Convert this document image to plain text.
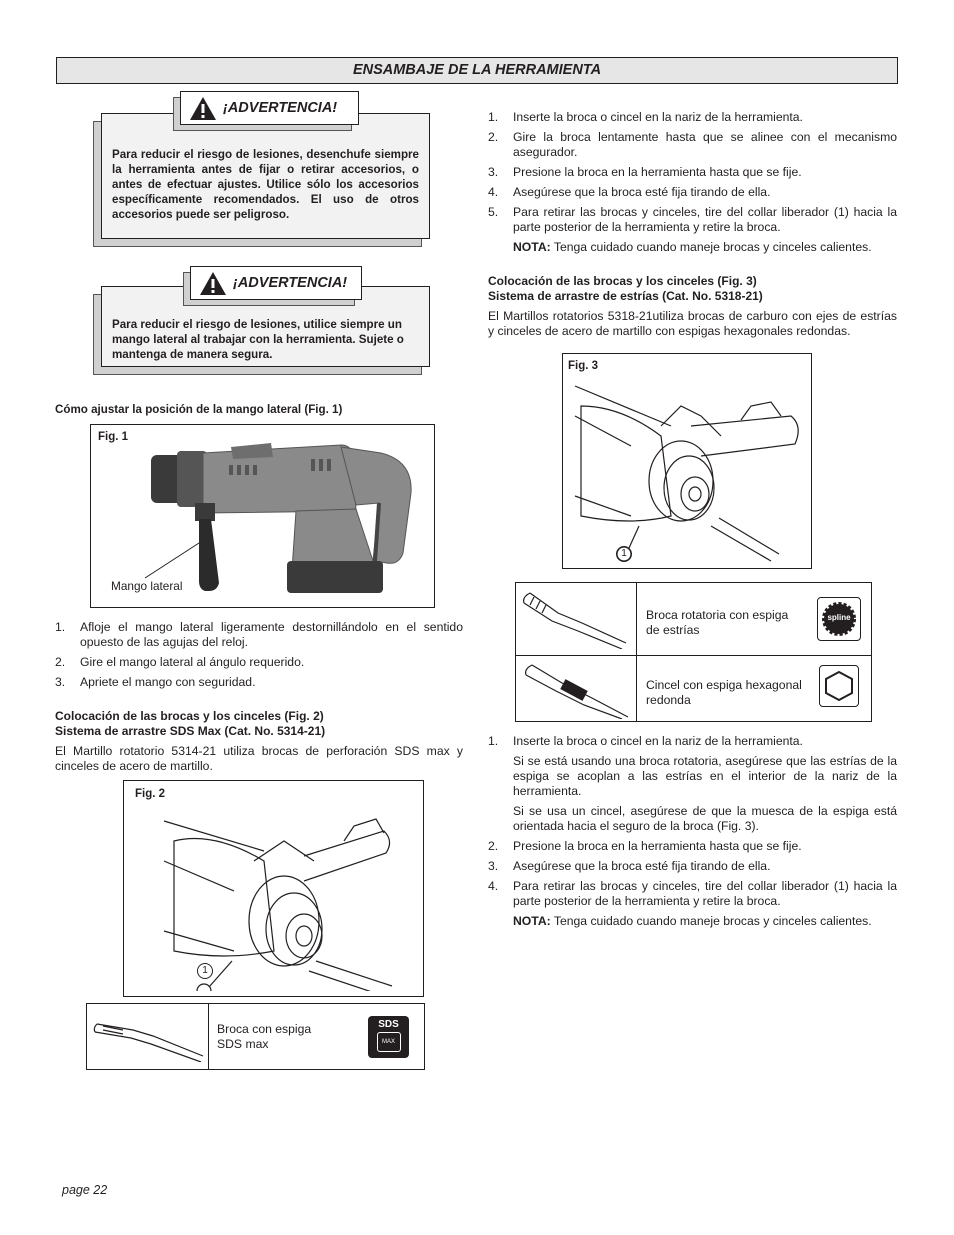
ENSAMBAJE DE LA HERRAMIENTA
Para reducir el riesgo de lesiones, desenchufe siempre la herramienta antes de fijar o retirar accesorios, o antes de efectuar ajustes. Utilice sólo los accesorios específicamente recomendados. El uso de otros accesorios puede ser peligroso.
¡ADVERTENCIA!
Para reducir el riesgo de lesiones, utilice siempre un mango lateral al trabajar con la herramienta. Sujete o mantenga de manera segura.
¡ADVERTENCIA!
Cómo ajustar la posición de la mango lateral (Fig. 1)
Fig. 1
Mango lateral
1. Afloje el mango lateral ligeramente destornillándolo en el sentido opuesto de las agujas del reloj.
2. Gire el mango lateral al ángulo requerido.
3. Apriete el mango con seguridad.
Colocación de las brocas y los cinceles (Fig. 2)
Sistema de arrastre SDS Max (Cat. No. 5314-21)
El Martillo rotatorio 5314-21 utiliza brocas de perforación SDS max y cinceles de acero de martillo.
Fig. 2
1
Broca con espiga
SDS max
SDS
MAX
page 22
1. Inserte la broca o cincel en la nariz de la herramienta.
2. Gire la broca lentamente hasta que se alinee con el mecanismo asegurador.
3. Presione la broca en la herramienta hasta que se fije.
4. Asegúrese que la broca esté fija tirando de ella.
5. Para retirar las brocas y cinceles, tire del collar liberador (1) hacia la parte posterior de la herramienta y retire la broca.
NOTA: Tenga cuidado cuando maneje brocas y cinceles calientes.
Colocación de las brocas y los cinceles (Fig. 3)
Sistema de arrastre de estrías (Cat. No. 5318-21)
El Martillos rotatorios 5318-21utiliza brocas de carburo con ejes de estrías y cinceles de acero de martillo con espigas hexagonales redondas.
Fig. 3
1
Broca rotatoria con espiga
de estrías
spline
Cincel con espiga hexagonal
redonda
1. Inserte la broca o cincel en la nariz de la herramienta.
Si se está usando una broca rotatoria, asegúrese que las estrías de la espiga se acoplan a las estrías en el interior de la nariz de la herramienta.
Si se usa un cincel, asegúrese de que la muesca de la espiga está orientada hacia el seguro de la broca (Fig. 3).
2. Presione la broca en la herramienta hasta que se fije.
3. Asegúrese que la broca esté fija tirando de ella.
4. Para retirar las brocas y cinceles, tire del collar liberador (1) hacia la parte posterior de la herramienta y retire la broca.
NOTA: Tenga cuidado cuando maneje brocas y cinceles calientes.
